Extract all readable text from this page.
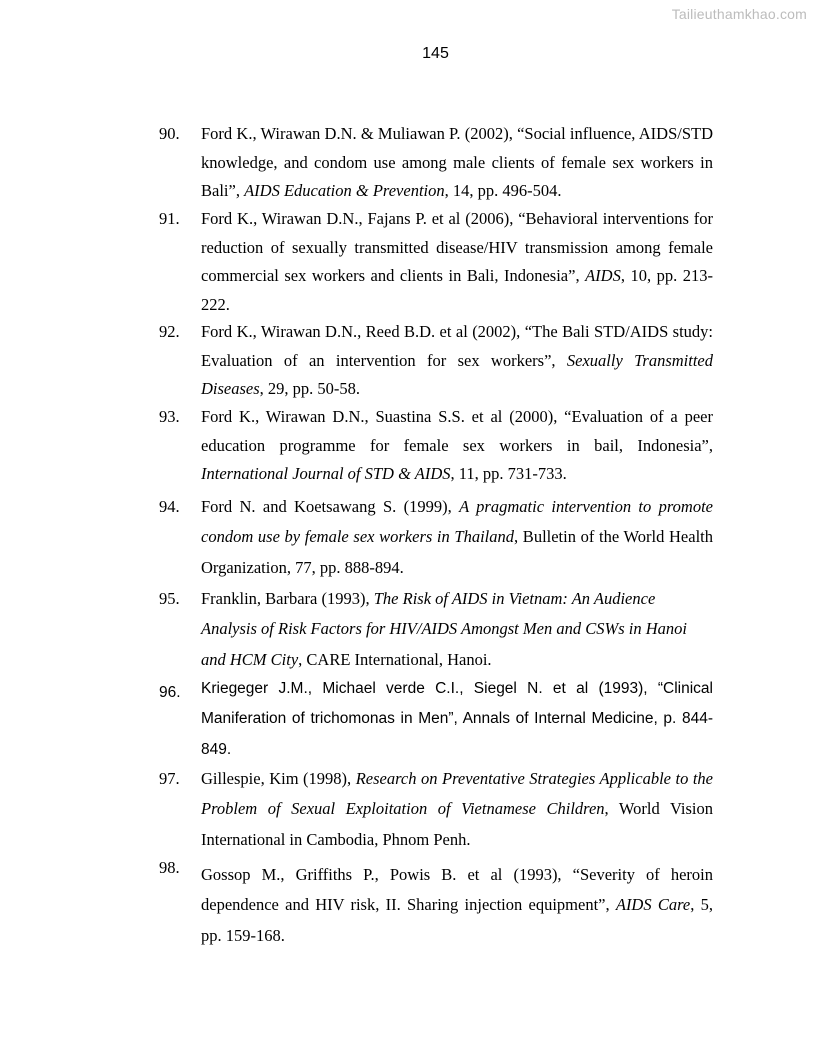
Tailieuthamkhao.com
145
90. Ford K., Wirawan D.N. & Muliawan P. (2002), “Social influence, AIDS/STD knowledge, and condom use among male clients of female sex workers in Bali”, AIDS Education & Prevention, 14, pp. 496-504.
91. Ford K., Wirawan D.N., Fajans P. et al (2006), “Behavioral interventions for reduction of sexually transmitted disease/HIV transmission among female commercial sex workers and clients in Bali, Indonesia”, AIDS, 10, pp. 213-222.
92. Ford K., Wirawan D.N., Reed B.D. et al (2002), “The Bali STD/AIDS study: Evaluation of an intervention for sex workers”, Sexually Transmitted Diseases, 29, pp. 50-58.
93. Ford K., Wirawan D.N., Suastina S.S. et al (2000), “Evaluation of a peer education programme for female sex workers in bail, Indonesia”, International Journal of STD & AIDS, 11, pp. 731-733.
94. Ford N. and Koetsawang S. (1999), A pragmatic intervention to promote condom use by female sex workers in Thailand, Bulletin of the World Health Organization, 77, pp. 888-894.
95. Franklin, Barbara (1993), The Risk of AIDS in Vietnam: An Audience Analysis of Risk Factors for HIV/AIDS Amongst Men and CSWs in Hanoi and HCM City, CARE International, Hanoi.
96. Kriegeger J.M., Michael verde C.I., Siegel N. et al (1993), “Clinical Maniferation of trichomonas in Men”, Annals of Internal Medicine, p. 844-849.
97. Gillespie, Kim (1998), Research on Preventative Strategies Applicable to the Problem of Sexual Exploitation of Vietnamese Children, World Vision International in Cambodia, Phnom Penh.
98. Gossop M., Griffiths P., Powis B. et al (1993), “Severity of heroin dependence and HIV risk, II. Sharing injection equipment”, AIDS Care, 5, pp. 159-168.
